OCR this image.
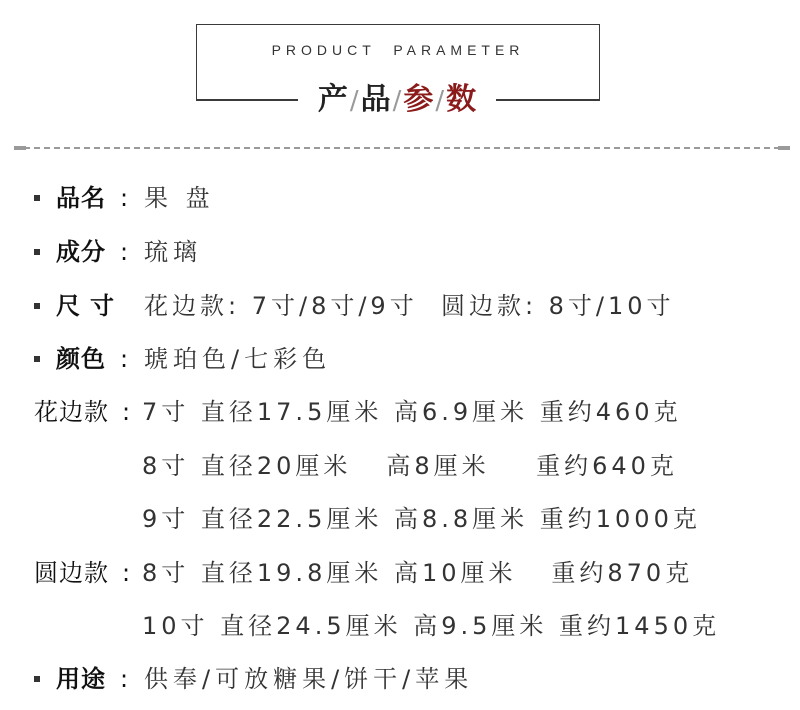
PRODUCT  PARAMETER
产/品/参/数
品名 : 果 盘
成分 : 琉璃
尺寸 花边款: 7寸/8寸/9寸  圆边款: 8寸/10寸
颜色 : 琥珀色/七彩色
花边款 : 7寸 直径17.5厘米 高6.9厘米 重约460克
8寸 直径20厘米   高8厘米    重约640克
9寸 直径22.5厘米 高8.8厘米 重约1000克
圆边款 : 8寸 直径19.8厘米 高10厘米   重约870克
10寸 直径24.5厘米 高9.5厘米 重约1450克
用途 : 供奉/可放糖果/饼干/苹果
